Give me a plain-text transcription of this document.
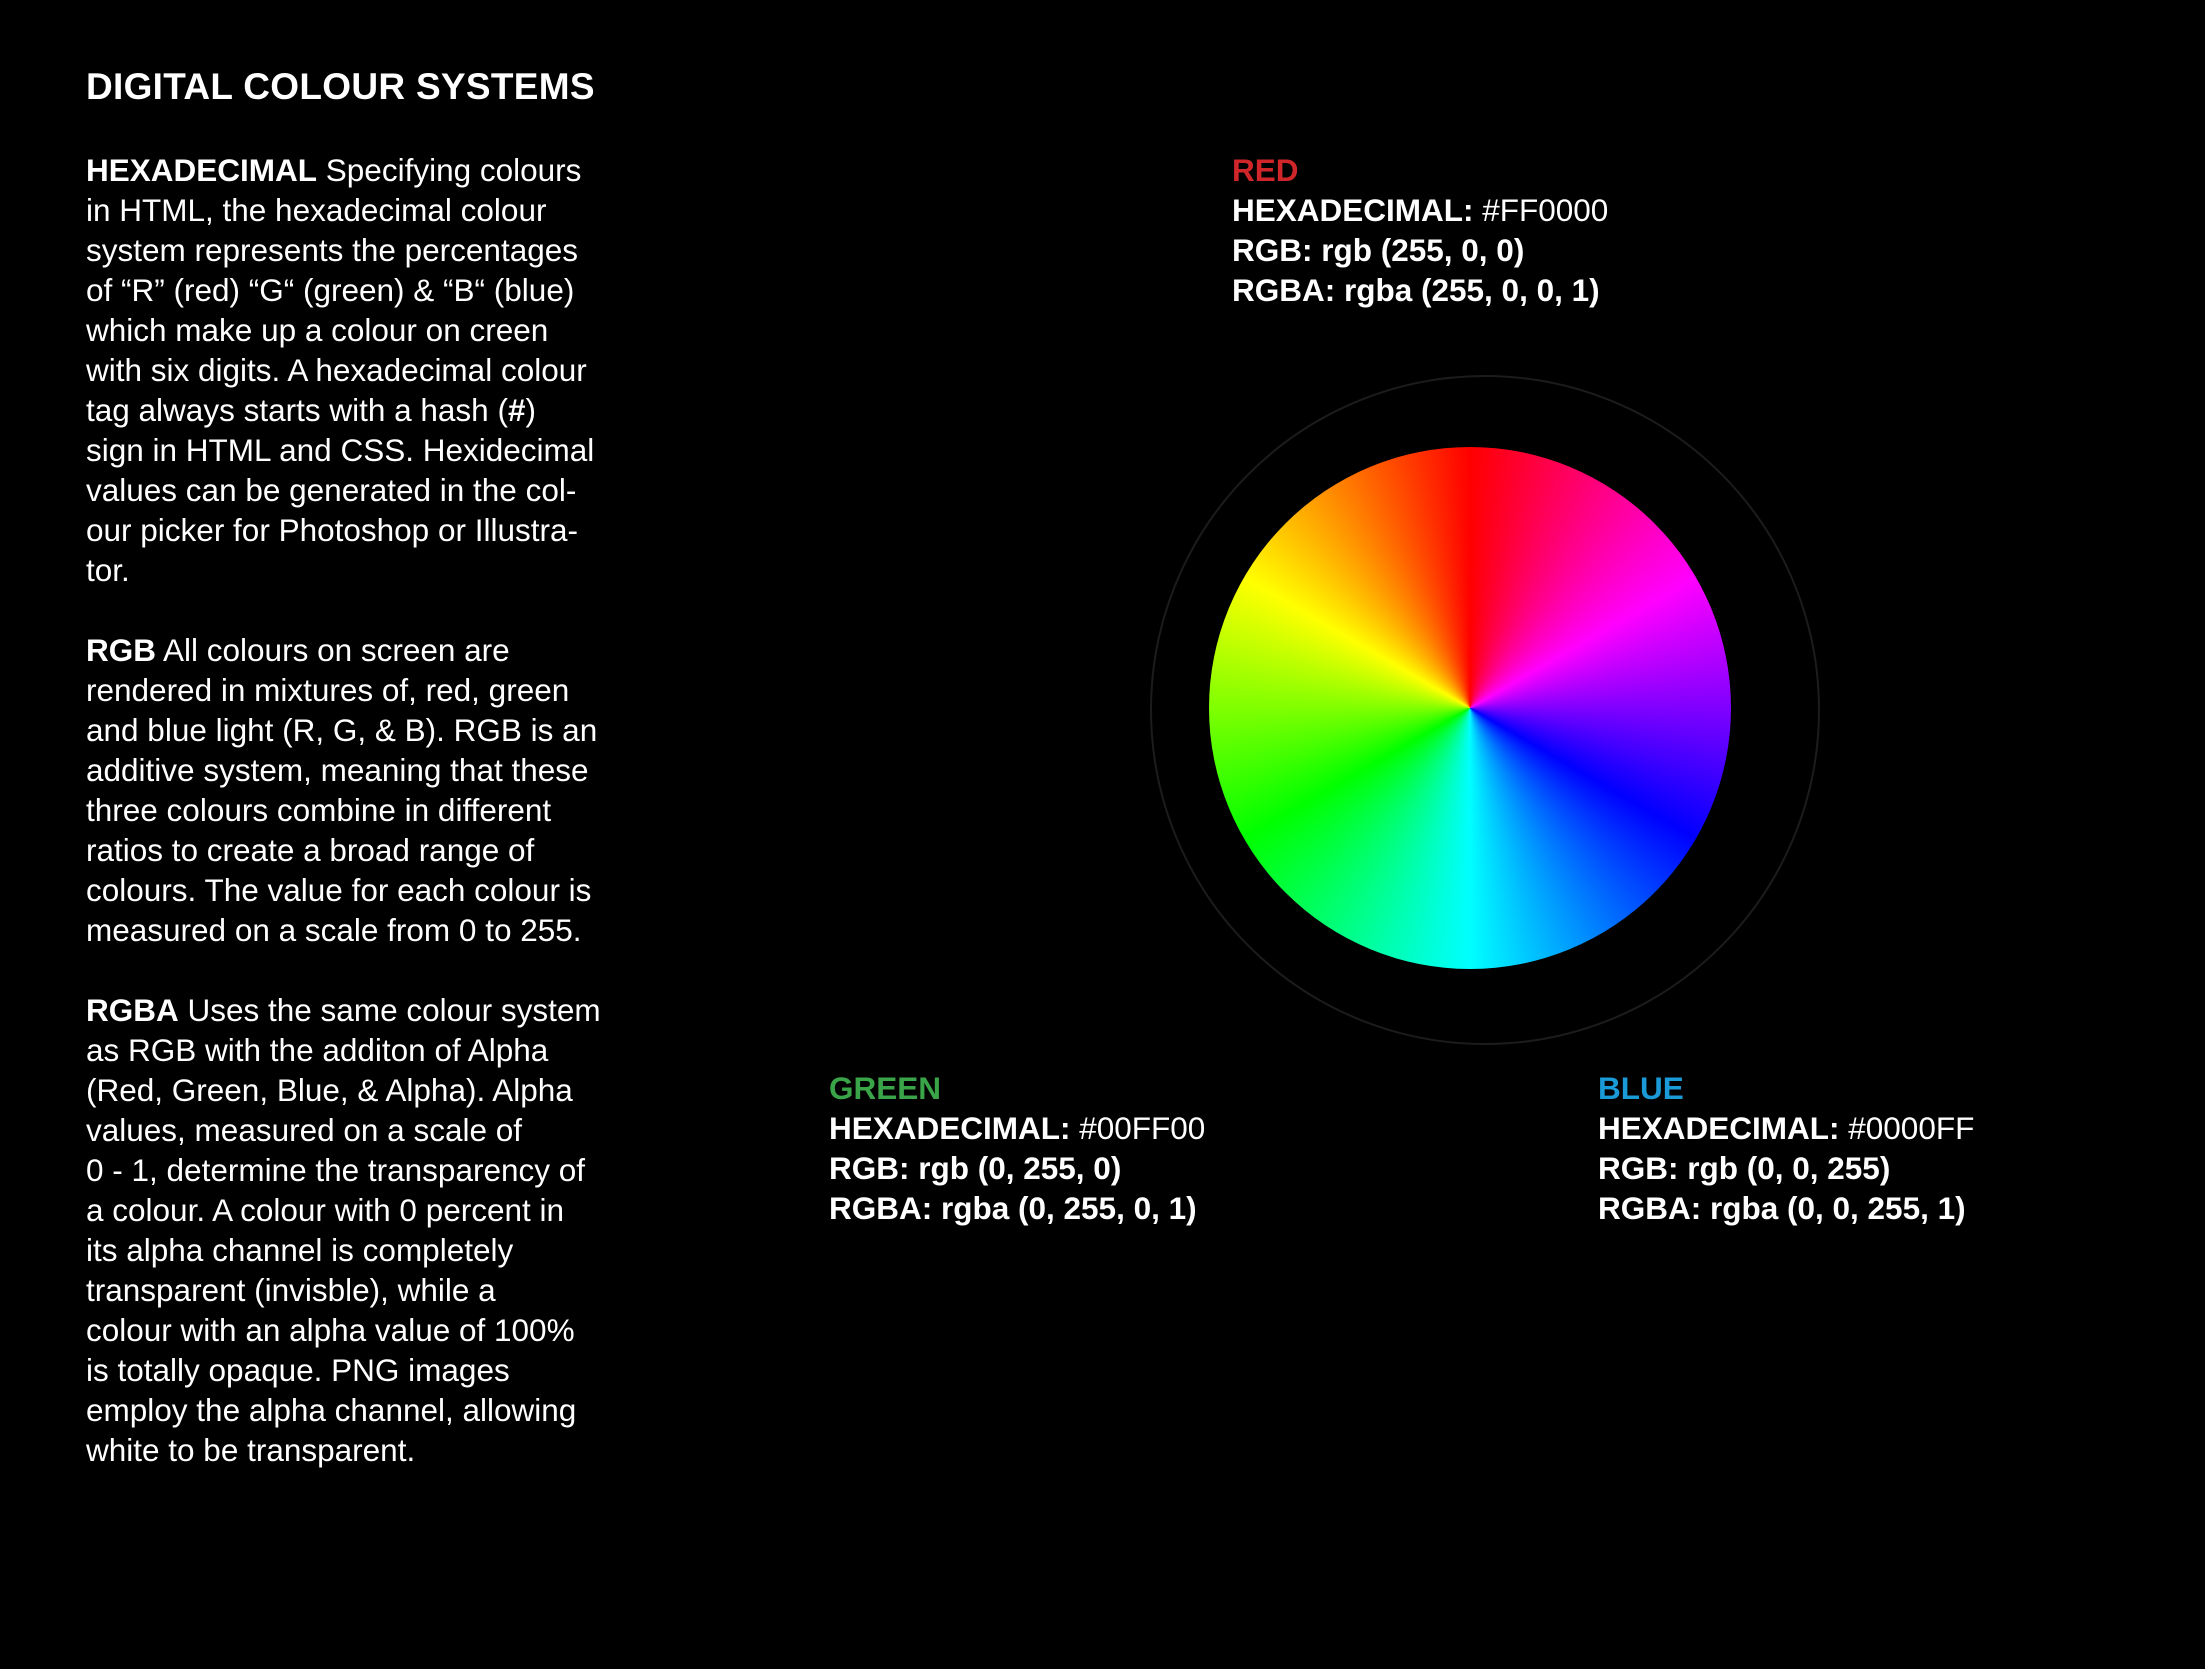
DIGITAL COLOUR SYSTEMS

HEXADECIMAL Specifying colours
in HTML, the hexadecimal colour
system represents the percentages
of “R” (red) “G“ (green) & “B“ (blue)
which make up a colour on creen
with six digits. A hexadecimal colour
tag always starts with a hash (#)
sign in HTML and CSS. Hexidecimal
values can be generated in the col-
our picker for Photoshop or Illustra-
tor.

RGB All colours on screen are
rendered in mixtures of, red, green
and blue light (R, G, & B). RGB is an
additive system, meaning that these
three colours combine in different
ratios to create a broad range of
colours. The value for each colour is
measured on a scale from 0 to 255.

RGBA Uses the same colour system
as RGB with the additon of Alpha
(Red, Green, Blue, & Alpha). Alpha
values, measured on a scale of
0 - 1, determine the transparency of
a colour. A colour with 0 percent in
its alpha channel is completely
transparent (invisble), while a
colour with an alpha value of 100%
is totally opaque. PNG images
employ the alpha channel, allowing
white to be transparent.

RED
HEXADECIMAL: #FF0000
RGB: rgb (255, 0, 0)
RGBA: rgba (255, 0, 0, 1)
GREEN
HEXADECIMAL: #00FF00
RGB: rgb (0, 255, 0)
RGBA: rgba (0, 255, 0, 1)
BLUE
HEXADECIMAL: #0000FF
RGB: rgb (0, 0, 255)
RGBA: rgba (0, 0, 255, 1)
